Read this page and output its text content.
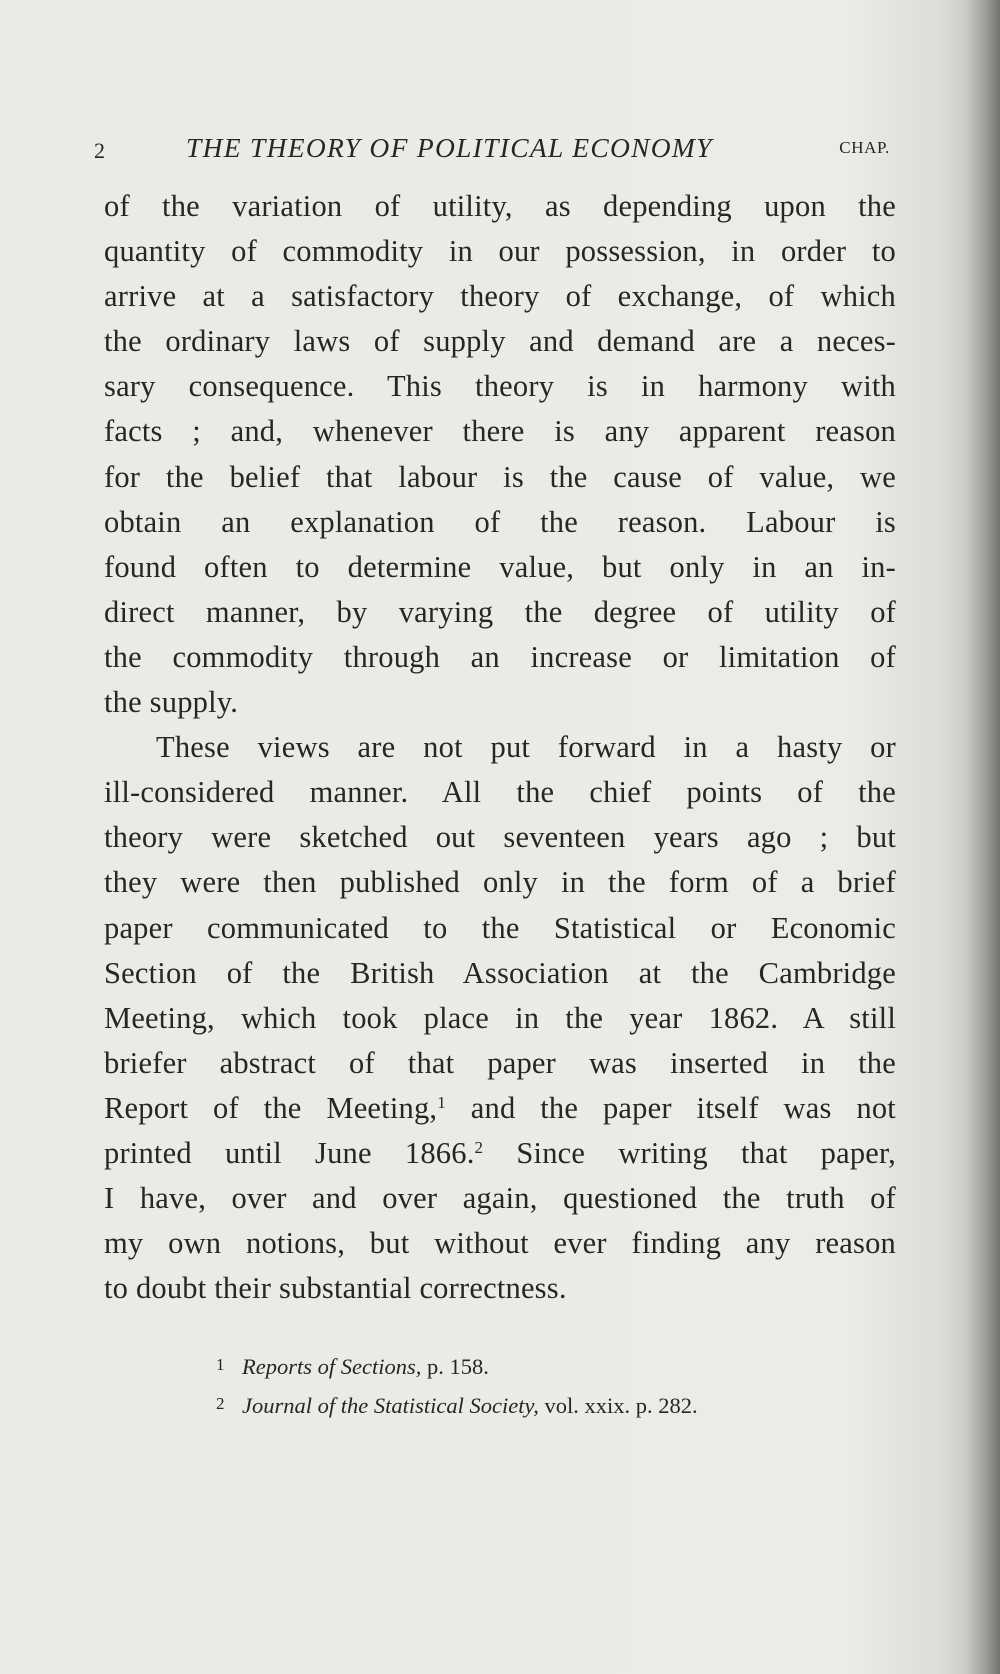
2	THE THEORY OF POLITICAL ECONOMY	CHAP.
of the variation of utility, as depending upon the
quantity of commodity in our possession, in order to
arrive at a satisfactory theory of exchange, of which
the ordinary laws of supply and demand are a neces-
sary consequence. This theory is in harmony with
facts ; and, whenever there is any apparent reason
for the belief that labour is the cause of value, we
obtain an explanation of the reason. Labour is
found often to determine value, but only in an in-
direct manner, by varying the degree of utility of
the commodity through an increase or limitation of
the supply.
These views are not put forward in a hasty or
ill-considered manner. All the chief points of the
theory were sketched out seventeen years ago ; but
they were then published only in the form of a brief
paper communicated to the Statistical or Economic
Section of the British Association at the Cambridge
Meeting, which took place in the year 1862. A still
briefer abstract of that paper was inserted in the
Report of the Meeting,$^1$ and the paper itself was not
printed until June 1866.$^2$ Since writing that paper,
I have, over and over again, questioned the truth of
my own notions, but without ever finding any reason
to doubt their substantial correctness.
1 Reports of Sections, p. 158.
2 Journal of the Statistical Society, vol. xxix. p. 282.
